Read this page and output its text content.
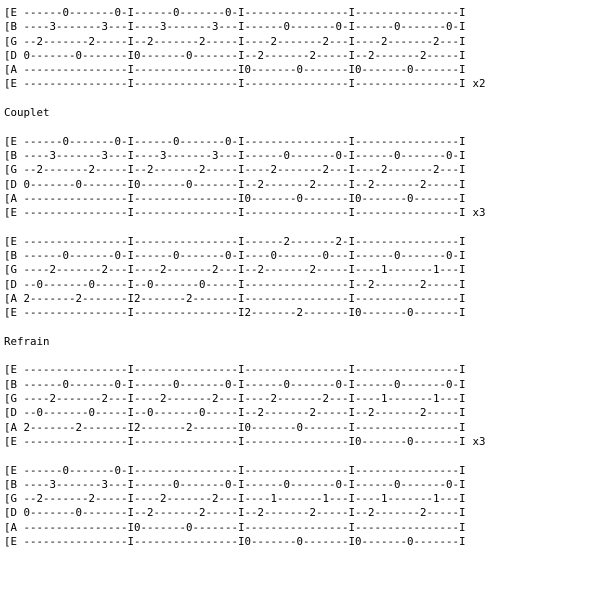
[E ------0-------0-I------0-------0-I----------------I----------------I
[B ----3-------3---I----3-------3---I------0-------0-I------0-------0-I
[G --2-------2-----I--2-------2-----I----2-------2---I----2-------2---I
[D 0-------0-------I0-------0-------I--2-------2-----I--2-------2-----I
[A ----------------I----------------I0-------0-------I0-------0-------I
[E ----------------I----------------I----------------I----------------I x2
Couplet
[E ------0-------0-I------0-------0-I----------------I----------------I
[B ----3-------3---I----3-------3---I------0-------0-I------0-------0-I
[G --2-------2-----I--2-------2-----I----2-------2---I----2-------2---I
[D 0-------0-------I0-------0-------I--2-------2-----I--2-------2-----I
[A ----------------I----------------I0-------0-------I0-------0-------I
[E ----------------I----------------I----------------I----------------I x3
[E ----------------I----------------I------2-------2-I----------------I
[B ------0-------0-I------0-------0-I----0-------0---I------0-------0-I
[G ----2-------2---I----2-------2---I--2-------2-----I----1-------1---I
[D --0-------0-----I--0-------0-----I----------------I--2-------2-----I
[A 2-------2-------I2-------2-------I----------------I----------------I
[E ----------------I----------------I2-------2-------I0-------0-------I
Refrain
[E ----------------I----------------I----------------I----------------I
[B ------0-------0-I------0-------0-I------0-------0-I------0-------0-I
[G ----2-------2---I----2-------2---I----2-------2---I----1-------1---I
[D --0-------0-----I--0-------0-----I--2-------2-----I--2-------2-----I
[A 2-------2-------I2-------2-------I0-------0-------I----------------I
[E ----------------I----------------I----------------I0-------0-------I x3
[E ------0-------0-I----------------I----------------I----------------I
[B ----3-------3---I------0-------0-I------0-------0-I------0-------0-I
[G --2-------2-----I----2-------2---I----1-------1---I----1-------1---I
[D 0-------0-------I--2-------2-----I--2-------2-----I--2-------2-----I
[A ----------------I0-------0-------I----------------I----------------I
[E ----------------I----------------I0-------0-------I0-------0-------I
